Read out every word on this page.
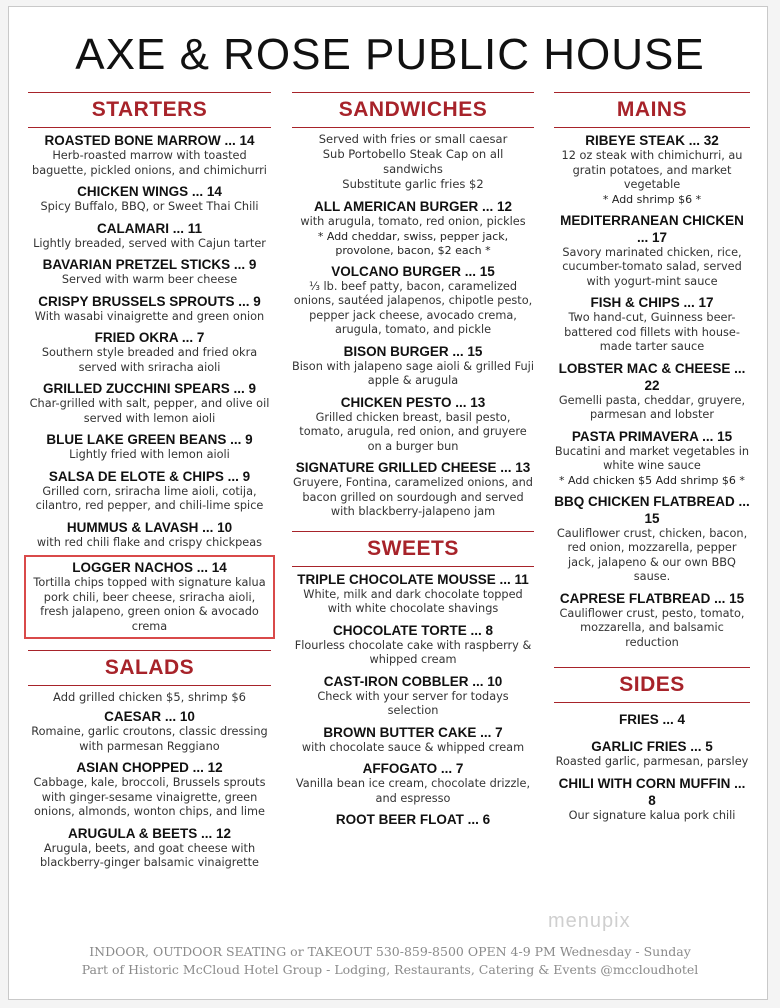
AXE & ROSE PUBLIC HOUSE
STARTERS
ROASTED BONE MARROW ... 14
Herb-roasted marrow with toasted baguette, pickled onions, and chimichurri
CHICKEN WINGS ... 14
Spicy Buffalo, BBQ, or Sweet Thai Chili
CALAMARI ... 11
Lightly breaded, served with Cajun tarter
BAVARIAN PRETZEL STICKS ... 9
Served with warm beer cheese
CRISPY BRUSSELS SPROUTS ... 9
With wasabi vinaigrette and green onion
FRIED OKRA ... 7
Southern style breaded and fried okra served with sriracha aioli
GRILLED ZUCCHINI SPEARS ... 9
Char-grilled with salt, pepper, and olive oil served with lemon aioli
BLUE LAKE GREEN BEANS ... 9
Lightly fried with lemon aioli
SALSA DE ELOTE & CHIPS ... 9
Grilled corn, sriracha lime aioli, cotija, cilantro, red pepper, and chili-lime spice
HUMMUS & LAVASH ... 10
with red chili flake and crispy chickpeas
LOGGER NACHOS ... 14
Tortilla chips topped with signature kalua pork chili, beer cheese, sriracha aioli, fresh jalapeno, green onion & avocado crema
SALADS
Add grilled chicken $5, shrimp $6
CAESAR ... 10
Romaine, garlic croutons, classic dressing with parmesan Reggiano
ASIAN CHOPPED ... 12
Cabbage, kale, broccoli, Brussels sprouts with ginger-sesame vinaigrette, green onions, almonds, wonton chips, and lime
ARUGULA & BEETS ... 12
Arugula, beets, and goat cheese with blackberry-ginger balsamic vinaigrette
SANDWICHES
Served with fries or small caesar
Sub Portobello Steak Cap on all sandwichs
Substitute garlic fries $2
ALL AMERICAN BURGER ... 12
with arugula, tomato, red onion, pickles
* Add cheddar, swiss, pepper jack, provolone, bacon, $2 each *
VOLCANO BURGER ... 15
⅓ lb. beef patty, bacon, caramelized onions, sautéed jalapenos, chipotle pesto, pepper jack cheese, avocado crema, arugula, tomato, and pickle
BISON BURGER ... 15
Bison with jalapeno sage aioli & grilled Fuji apple & arugula
CHICKEN PESTO ... 13
Grilled chicken breast, basil pesto, tomato, arugula, red onion, and gruyere on a burger bun
SIGNATURE GRILLED CHEESE ... 13
Gruyere, Fontina, caramelized onions, and bacon grilled on sourdough and served with blackberry-jalapeno jam
SWEETS
TRIPLE CHOCOLATE MOUSSE ... 11
White, milk and dark chocolate topped with white chocolate shavings
CHOCOLATE TORTE ... 8
Flourless chocolate cake with raspberry & whipped cream
CAST-IRON COBBLER ... 10
Check with your server for todays selection
BROWN BUTTER CAKE ... 7
with chocolate sauce & whipped cream
AFFOGATO ... 7
Vanilla bean ice cream, chocolate drizzle, and espresso
ROOT BEER FLOAT ... 6
MAINS
RIBEYE STEAK ... 32
12 oz steak with chimichurri, au gratin potatoes, and market vegetable
* Add shrimp $6 *
MEDITERRANEAN CHICKEN ... 17
Savory marinated chicken, rice, cucumber-tomato salad, served with yogurt-mint sauce
FISH & CHIPS ... 17
Two hand-cut, Guinness beer-battered cod fillets with house-made tarter sauce
LOBSTER MAC & CHEESE ... 22
Gemelli pasta, cheddar, gruyere, parmesan and lobster
PASTA PRIMAVERA ... 15
Bucatini and market vegetables in white wine sauce
* Add chicken $5 Add shrimp $6 *
BBQ CHICKEN FLATBREAD ... 15
Cauliflower crust, chicken, bacon, red onion, mozzarella, pepper jack, jalapeno & our own BBQ sause.
CAPRESE FLATBREAD ... 15
Cauliflower crust, pesto, tomato, mozzarella, and balsamic reduction
SIDES
FRIES ... 4
GARLIC FRIES ... 5
Roasted garlic, parmesan, parsley
CHILI WITH CORN MUFFIN ... 8
Our signature kalua pork chili
menupix
INDOOR, OUTDOOR SEATING or TAKEOUT 530-859-8500 OPEN 4-9 PM Wednesday - Sunday
Part of Historic McCloud Hotel Group - Lodging, Restaurants, Catering & Events @mccloudhotel
